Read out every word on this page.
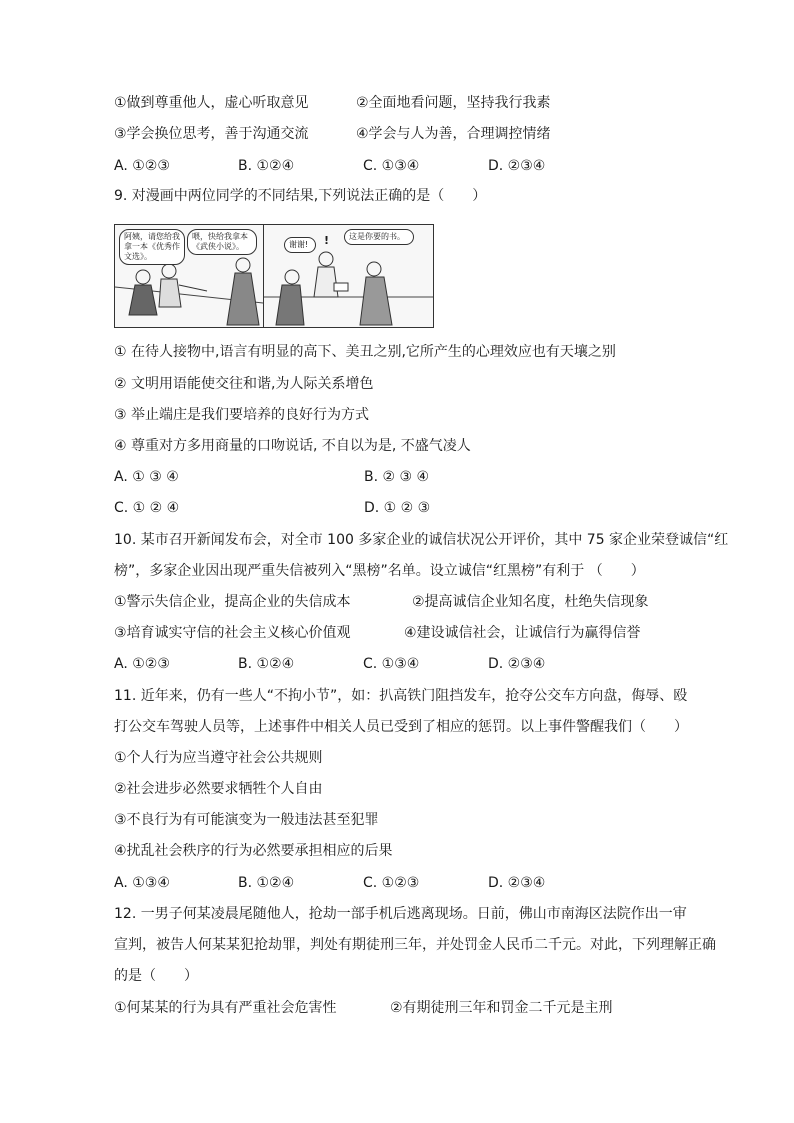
①做到尊重他人，虚心听取意见	②全面地看问题，坚持我行我素
③学会换位思考，善于沟通交流	④学会与人为善，合理调控情绪
A. ①②③	B. ①②④	C. ①③④	D. ②③④
9. 对漫画中两位同学的不同结果,下列说法正确的是（　　）
阿姨，请您给我拿一本《优秀作文选》。
喂，快给我拿本《武侠小说》。	谢谢!	!	这是你要的书。
① 在待人接物中,语言有明显的高下、美丑之别,它所产生的心理效应也有天壤之别
② 文明用语能使交往和谐,为人际关系增色
③ 举止端庄是我们要培养的良好行为方式
④ 尊重对方多用商量的口吻说话, 不自以为是, 不盛气凌人
A. ① ③ ④	B. ② ③ ④
C. ① ② ④	D. ① ② ③
10. 某市召开新闻发布会，对全市 100 多家企业的诚信状况公开评价，其中 75 家企业荣登诚信“红
榜”，多家企业因出现严重失信被列入“黑榜”名单。设立诚信“红黑榜”有利于 （　　）
①警示失信企业，提高企业的失信成本	②提高诚信企业知名度，杜绝失信现象
③培育诚实守信的社会主义核心价值观	④建设诚信社会，让诚信行为赢得信誉
A. ①②③	B. ①②④	C. ①③④	D. ②③④
11. 近年来，仍有一些人“不拘小节”，如：扒高铁门阻挡发车，抢夺公交车方向盘，侮辱、殴
打公交车驾驶人员等，上述事件中相关人员已受到了相应的惩罚。以上事件警醒我们（　　）
①个人行为应当遵守社会公共规则
②社会进步必然要求牺牲个人自由
③不良行为有可能演变为一般违法甚至犯罪
④扰乱社会秩序的行为必然要承担相应的后果
A. ①③④	B. ①②④	C. ①②③	D. ②③④
12. 一男子何某凌晨尾随他人，抢劫一部手机后逃离现场。日前，佛山市南海区法院作出一审
宣判，被告人何某某犯抢劫罪，判处有期徒刑三年，并处罚金人民币二千元。对此，下列理解正确
的是（　　）
①何某某的行为具有严重社会危害性	②有期徒刑三年和罚金二千元是主刑
